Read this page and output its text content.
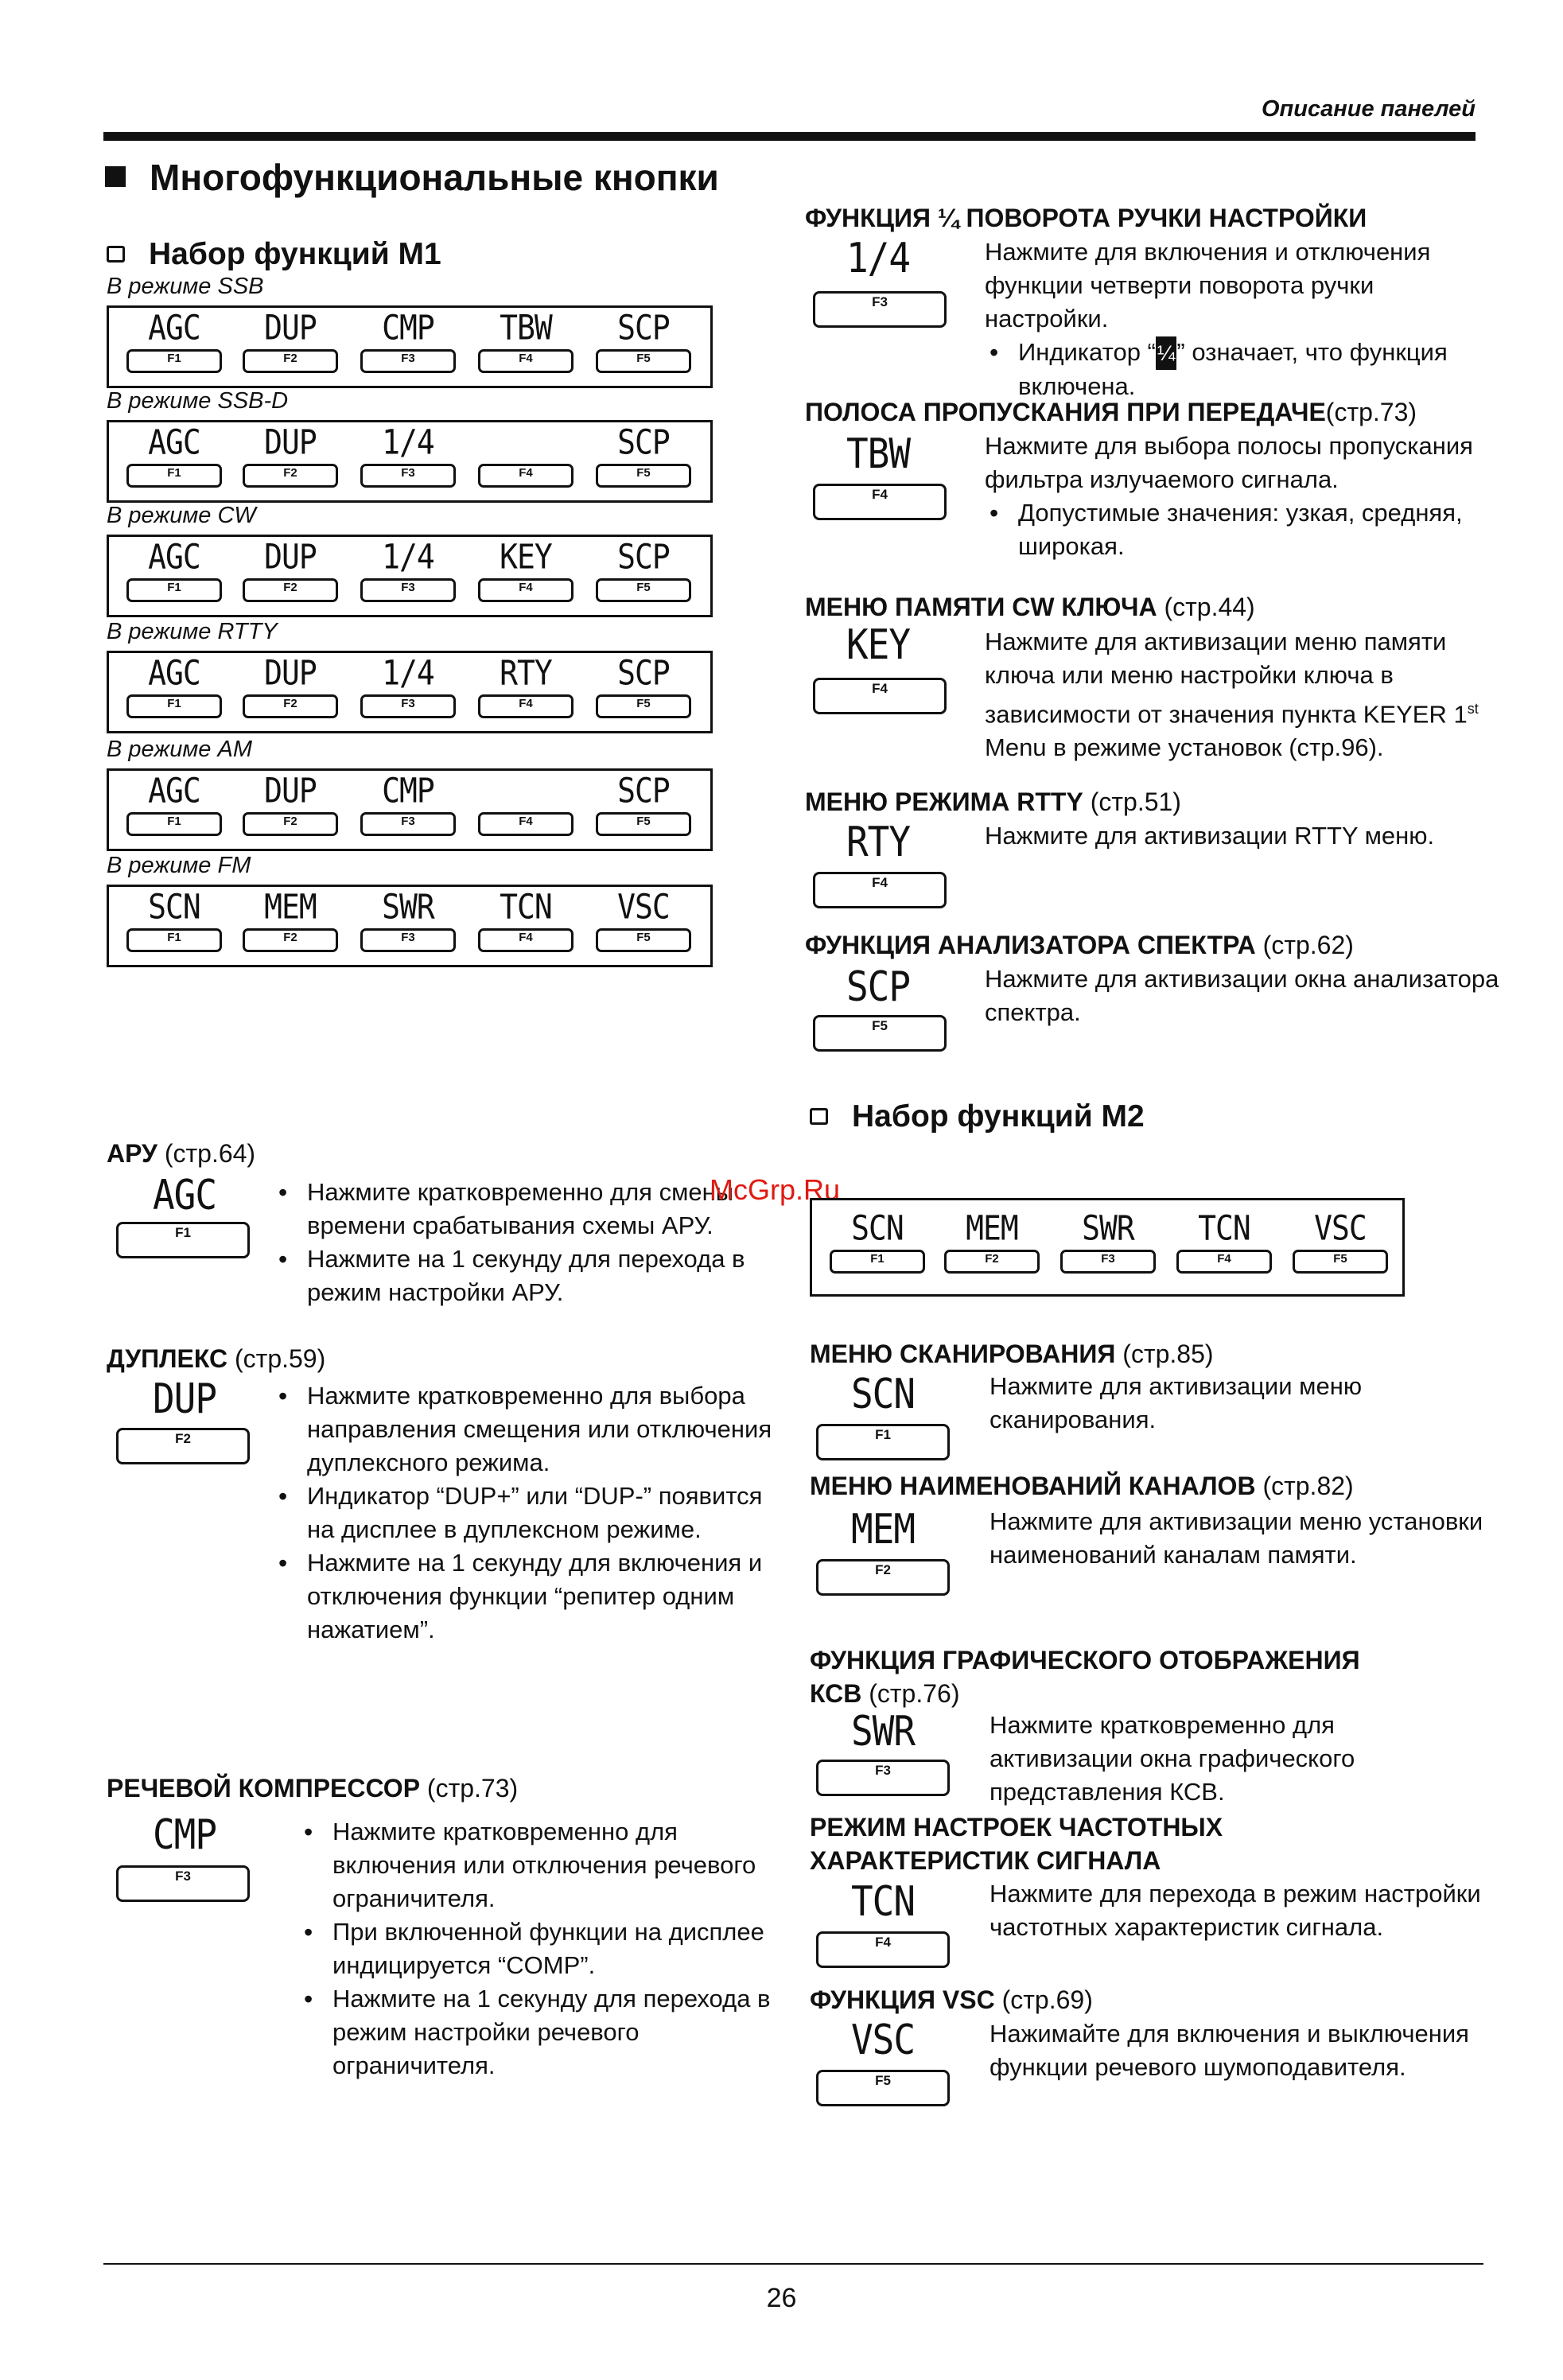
Описание панелей
Многофункциональные кнопки
Набор функций М1
АРУ (стр.64)
AGC
F1
• Нажмите кратковременно для смены времени срабатывания схемы АРУ.
• Нажмите на 1 секунду для перехода в режим настройки АРУ.
ДУПЛЕКС (стр.59)
DUP
F2
• Нажмите кратковременно для выбора направления смещения или отключения дуплексного режима.
• Индикатор “DUP+” или “DUP-” появится на дисплее в дуплексном режиме.
• Нажмите на 1 секунду для включения и отключения функции “репитер одним нажатием”.
РЕЧЕВОЙ КОМПРЕССОР (стр.73)
CMP
F3
• Нажмите кратковременно для включения или отключения речевого ограничителя.
• При включенной функции на дисплее индицируется “COMP”.
• Нажмите на 1 секунду для перехода в режим настройки речевого ограничителя.
ФУНКЦИЯ ¼ ПОВОРОТА РУЧКИ НАСТРОЙКИ
1/4
F3

Нажмите для включения и отключения функции четверти поворота ручки настройки.

• Индикатор “¼” означает, что функция включена.
ПОЛОСА ПРОПУСКАНИЯ ПРИ ПЕРЕДАЧЕ(стр.73)
TBW
F4

Нажмите для выбора полосы пропускания фильтра излучаемого сигнала.

• Допустимые значения: узкая, средняя, широкая.
МЕНЮ ПАМЯТИ CW КЛЮЧА (стр.44)
KEY
F4

Нажмите для активизации меню памяти ключа или меню настройки ключа в зависимости от значения пункта KEYER 1st Menu в режиме установок (стр.96).

МЕНЮ РЕЖИМА RTTY (стр.51)
RTY
F4

Нажмите для активизации RTTY меню.

ФУНКЦИЯ АНАЛИЗАТОРА СПЕКТРА (стр.62)
SCP
F5

Нажмите для активизации окна анализатора спектра.

Набор функций М2
McGrp.Ru
SCN
F1
MEM
F2
SWR
F3
TCN
F4
VSC
F5
МЕНЮ СКАНИРОВАНИЯ (стр.85)
SCN
F1

Нажмите для активизации меню сканирования.

МЕНЮ НАИМЕНОВАНИЙ КАНАЛОВ (стр.82)
MEM
F2

Нажмите для активизации меню установки наименований каналам памяти.

ФУНКЦИЯ ГРАФИЧЕСКОГО ОТОБРАЖЕНИЯ
КСВ (стр.76)
SWR
F3

Нажмите кратковременно для активизации окна графического представления КСВ.

РЕЖИМ НАСТРОЕК ЧАСТОТНЫХ
ХАРАКТЕРИСТИК СИГНАЛА
TCN
F4

Нажмите для перехода в режим настройки частотных характеристик сигнала.

ФУНКЦИЯ VSC (стр.69)
VSC
F5

Нажимайте для включения и выключения функции речевого шумоподавителя.

26
В режиме SSB
AGC
F1
DUP
F2
CMP
F3
TBW
F4
SCP
F5
В режиме SSB-D
AGC
F1
DUP
F2
1/4
F3	F4
SCP
F5
В режиме CW
AGC
F1
DUP
F2
1/4
F3
KEY
F4
SCP
F5
В режиме RTTY
AGC
F1
DUP
F2
1/4
F3
RTY
F4
SCP
F5
В режиме AM
AGC
F1
DUP
F2
CMP
F3	F4
SCP
F5
В режиме FM
SCN
F1
MEM
F2
SWR
F3
TCN
F4
VSC
F5
